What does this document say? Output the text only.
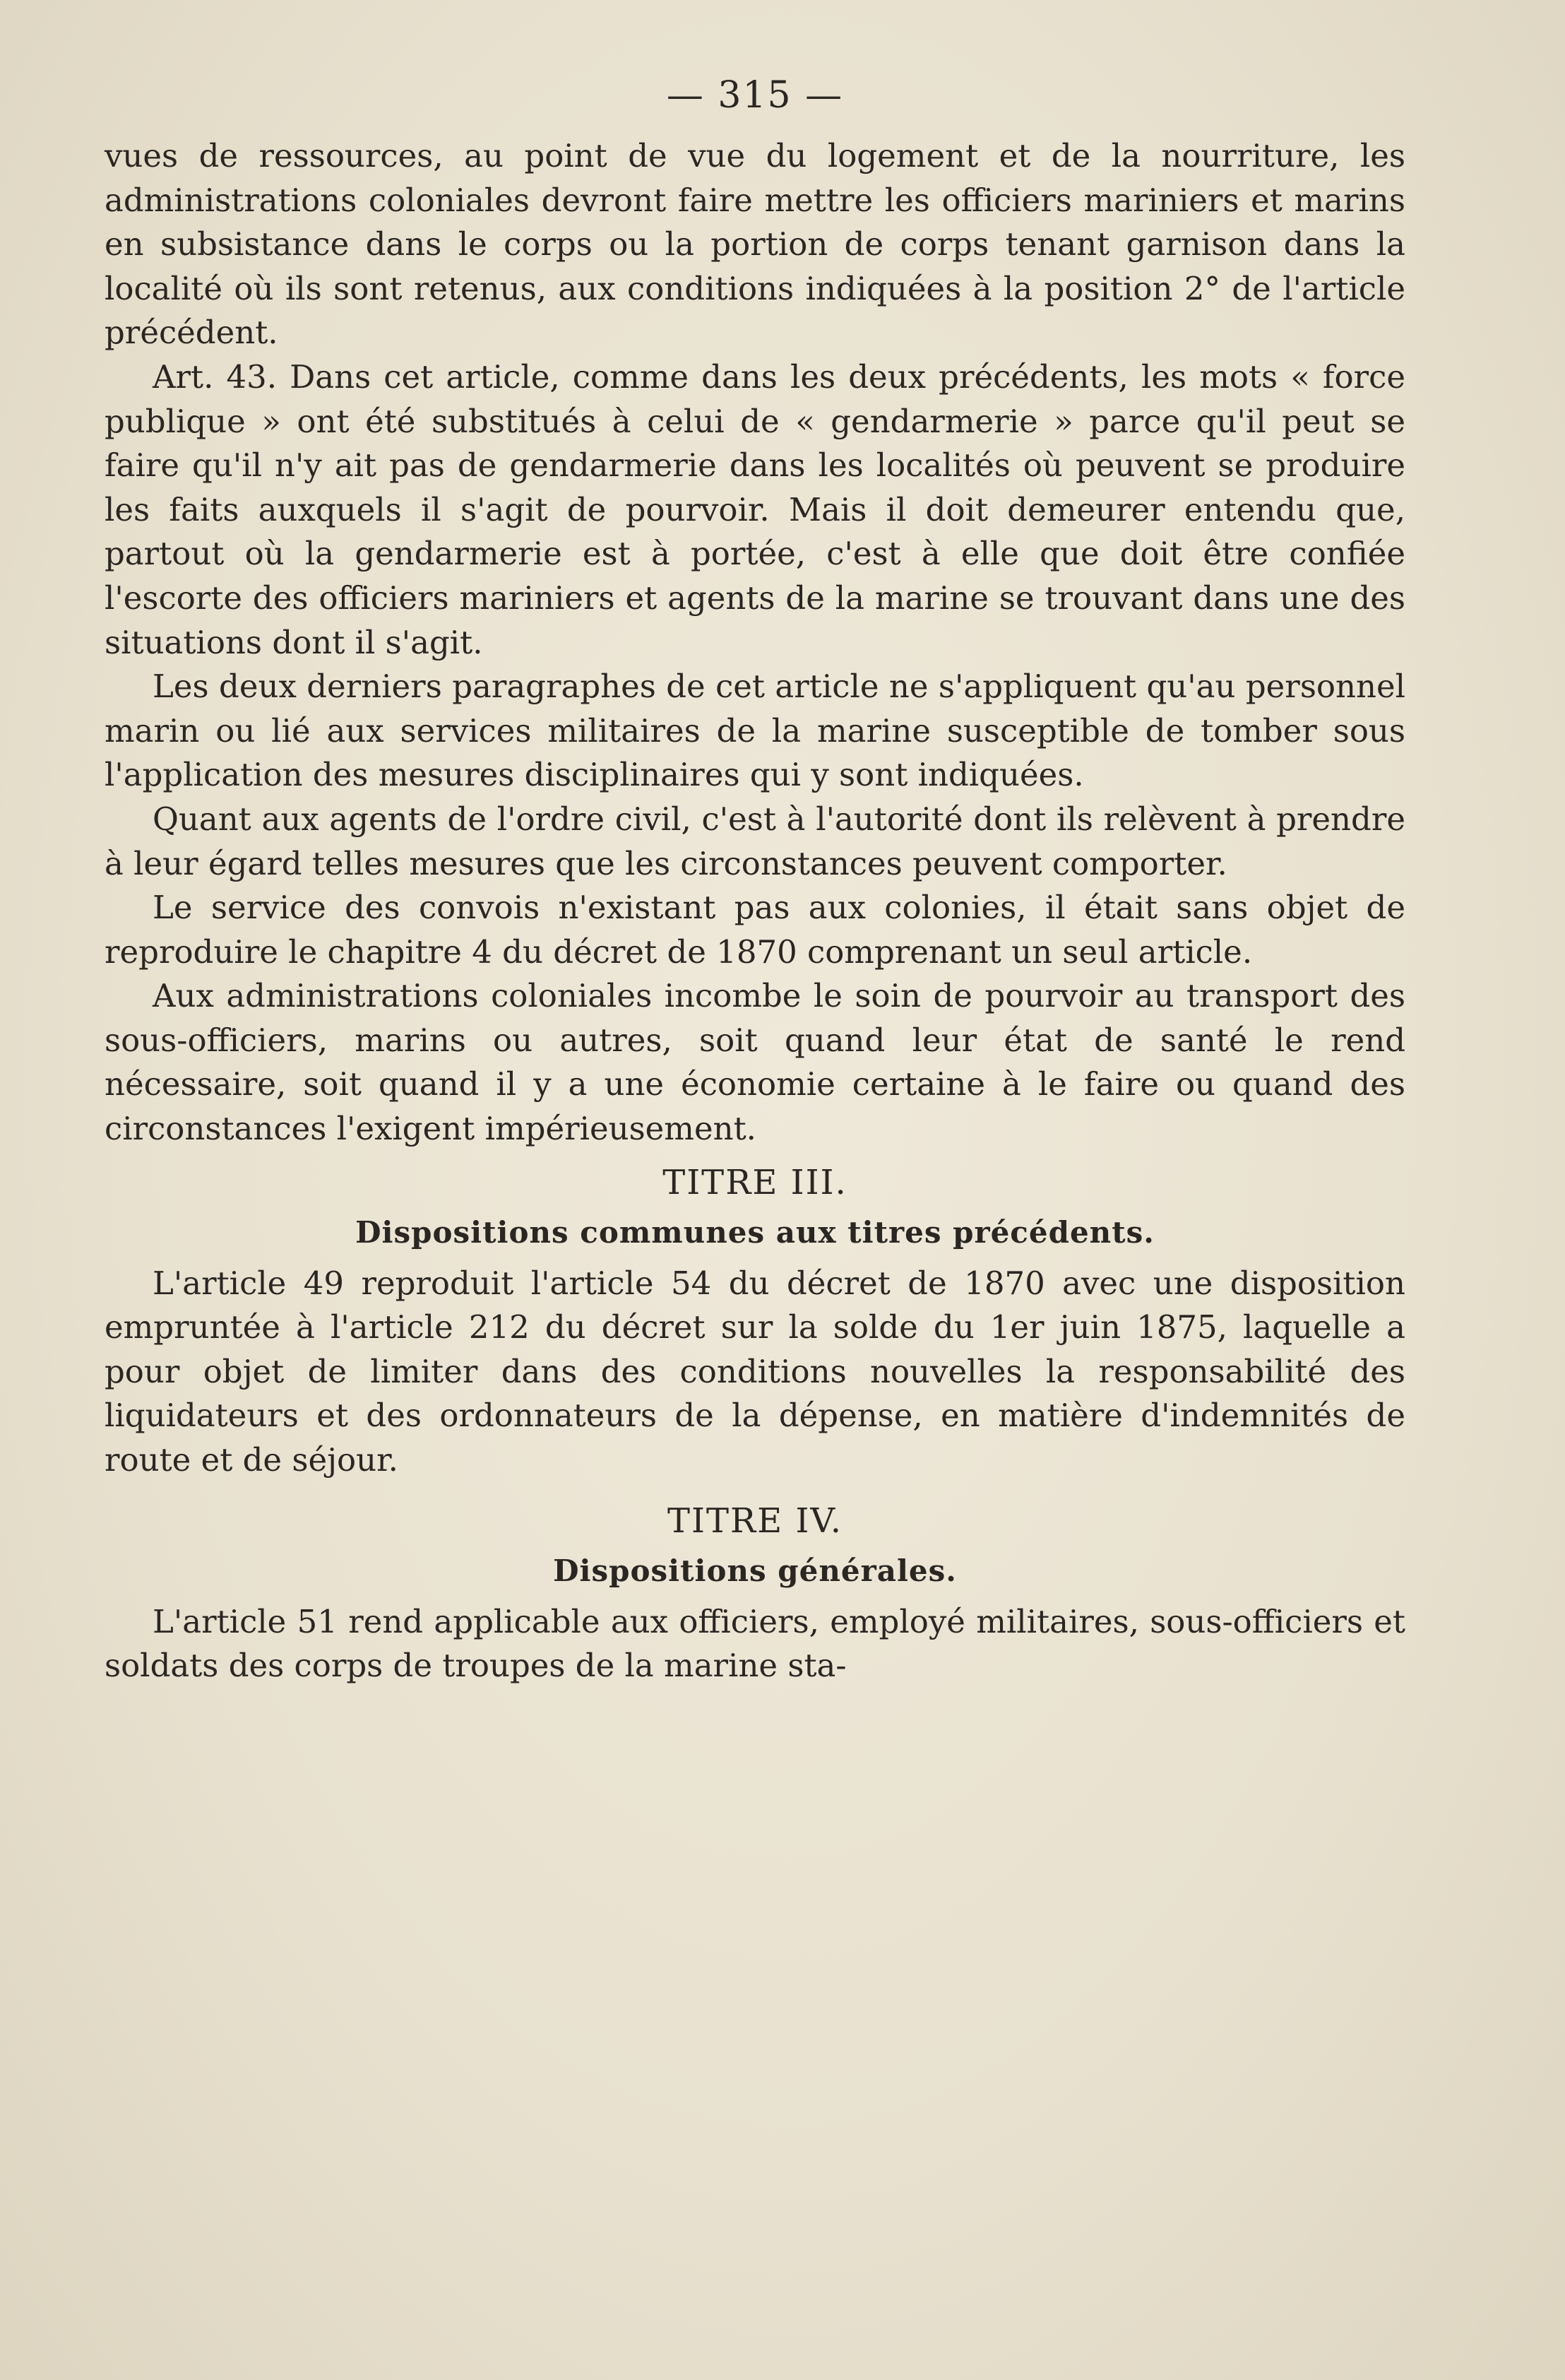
— 315 —

vues de ressources, au point de vue du logement et de la nourriture, les administrations coloniales devront faire mettre les officiers mariniers et marins en subsistance dans le corps ou la portion de corps tenant garnison dans la localité où ils sont retenus, aux conditions indiquées à la position 2° de l'article précédent.

Art. 43. Dans cet article, comme dans les deux précédents, les mots « force publique » ont été substitués à celui de « gendarmerie » parce qu'il peut se faire qu'il n'y ait pas de gendarmerie dans les localités où peuvent se produire les faits auxquels il s'agit de pourvoir. Mais il doit demeurer entendu que, partout où la gendarmerie est à portée, c'est à elle que doit être confiée l'escorte des officiers mariniers et agents de la marine se trouvant dans une des situations dont il s'agit.

Les deux derniers paragraphes de cet article ne s'appliquent qu'au personnel marin ou lié aux services militaires de la marine susceptible de tomber sous l'application des mesures disciplinaires qui y sont indiquées.

Quant aux agents de l'ordre civil, c'est à l'autorité dont ils relèvent à prendre à leur égard telles mesures que les circonstances peuvent comporter.

Le service des convois n'existant pas aux colonies, il était sans objet de reproduire le chapitre 4 du décret de 1870 comprenant un seul article.

Aux administrations coloniales incombe le soin de pourvoir au transport des sous-officiers, marins ou autres, soit quand leur état de santé le rend nécessaire, soit quand il y a une économie certaine à le faire ou quand des circonstances l'exigent impérieusement.

TITRE III.
Dispositions communes aux titres précédents.

L'article 49 reproduit l'article 54 du décret de 1870 avec une disposition empruntée à l'article 212 du décret sur la solde du 1er juin 1875, laquelle a pour objet de limiter dans des conditions nouvelles la responsabilité des liquidateurs et des ordonnateurs de la dépense, en matière d'indemnités de route et de séjour.

TITRE IV.
Dispositions générales.

L'article 51 rend applicable aux officiers, employé militaires, sous-officiers et soldats des corps de troupes de la marine sta-
